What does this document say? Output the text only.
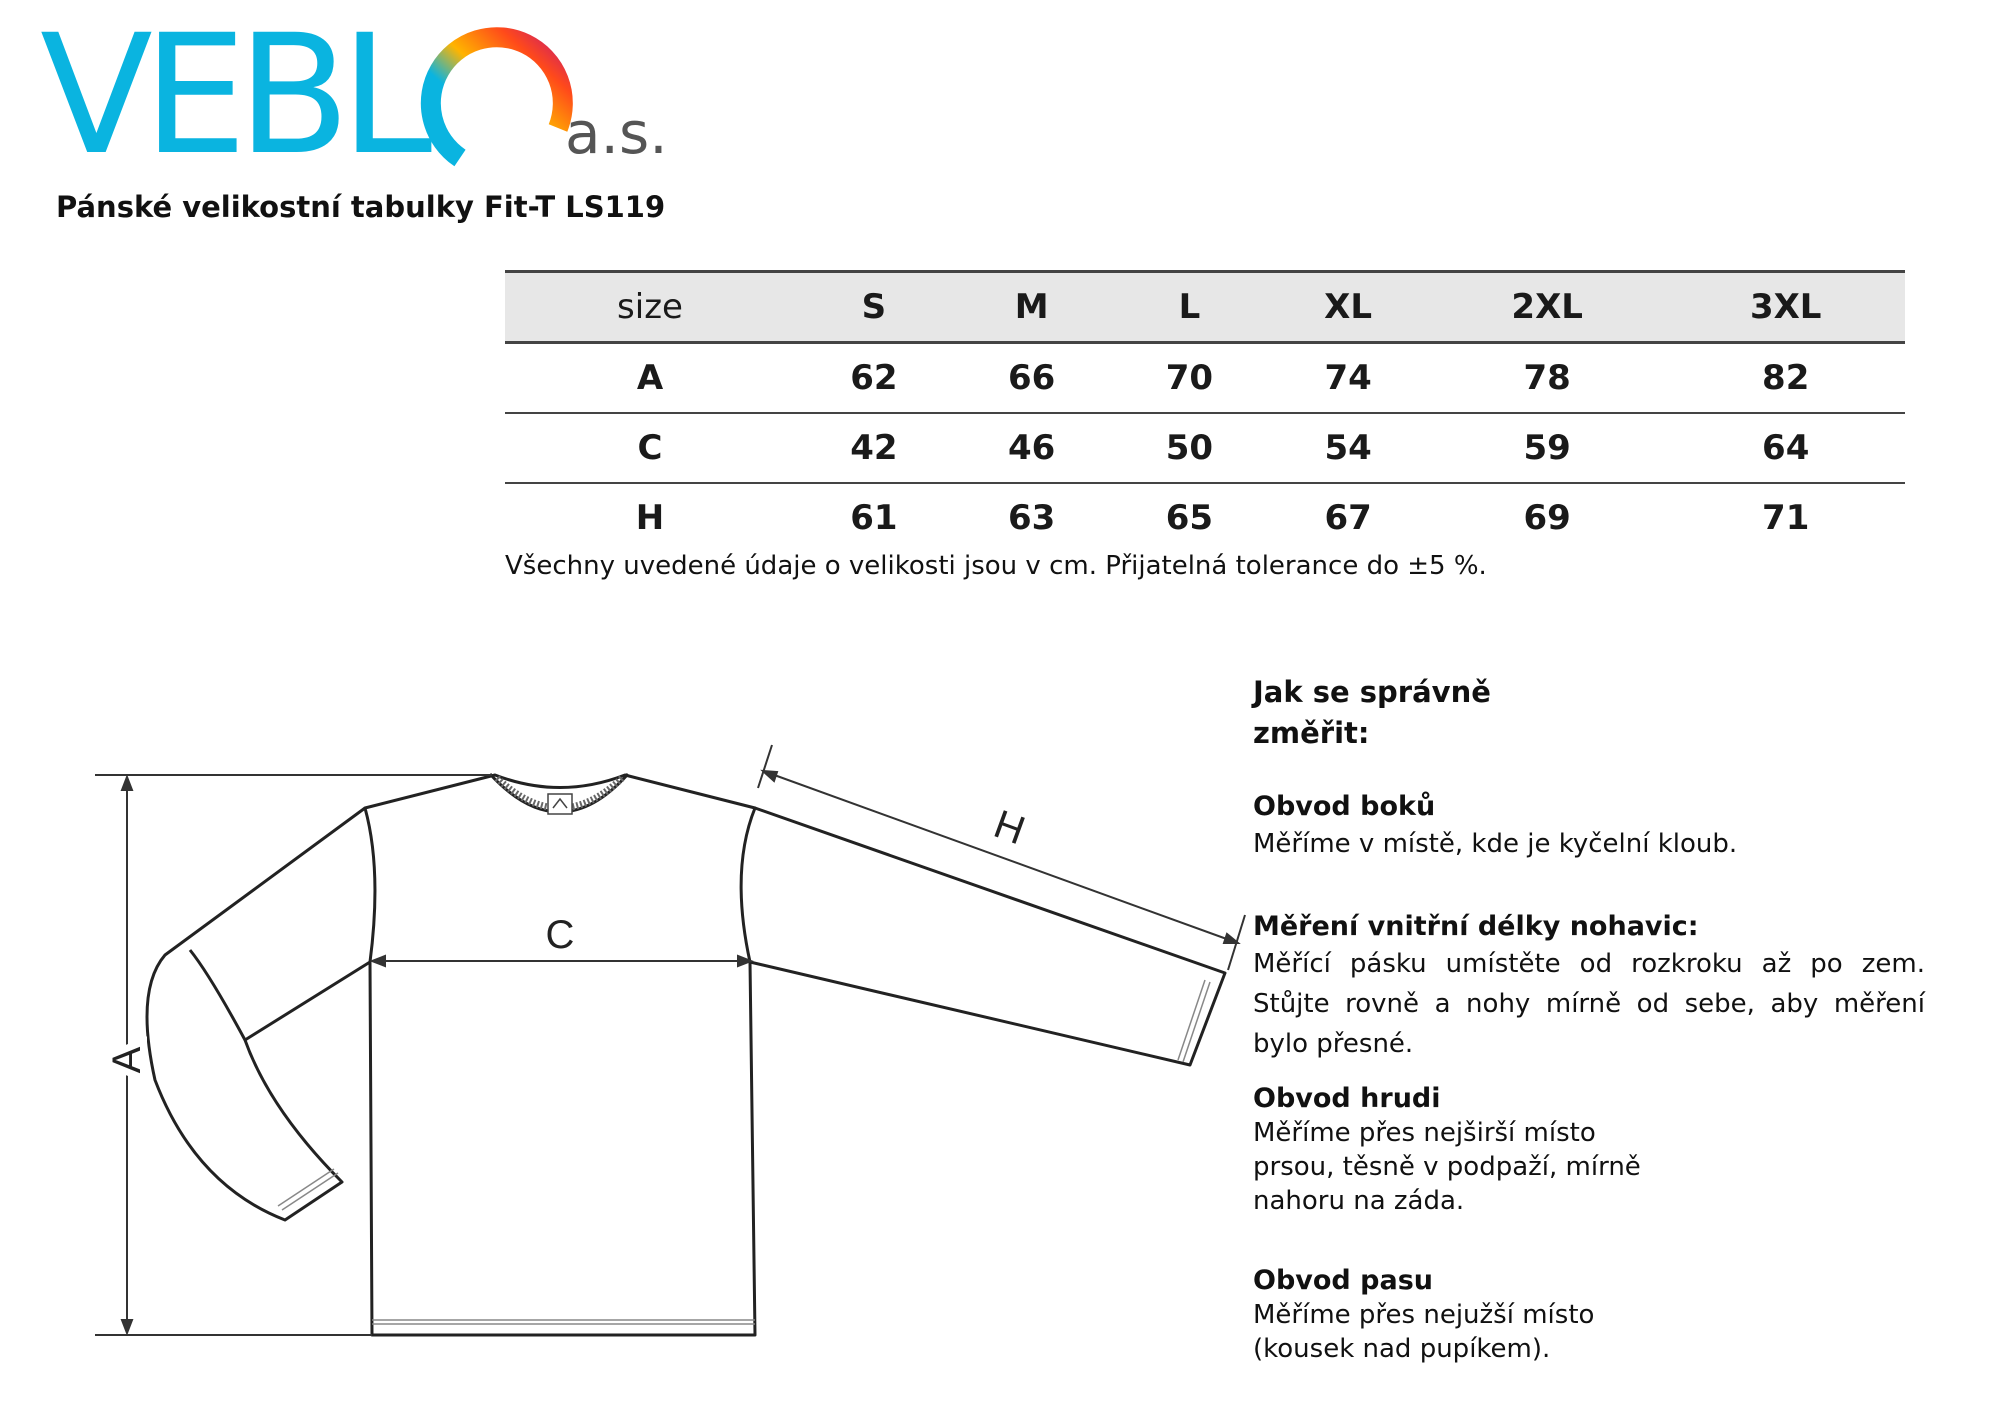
VEBL a.s.
Pánské velikostní tabulky Fit-T LS119
size	S	M	L	XL	2XL	3XL
A	62	66	70	74	78	82
C	42	46	50	54	59	64
H	61	63	65	67	69	71
Všechny uvedené údaje o velikosti jsou v cm. Přijatelná tolerance do ±5 %.
A
C
H

Jak se správně změřit:

Obvod boků

Měříme v místě, kde je kyčelní kloub.

Měření vnitřní délky nohavic:

Měřící pásku umístěte od rozkroku až po zem. Stůjte rovně a nohy mírně od sebe, aby měření bylo přesné.

Obvod hrudi

Měříme přes nejširší místo prsou, těsně v podpaží, mírně nahoru na záda.

Obvod pasu

Měříme přes nejužší místo (kousek nad pupíkem).
